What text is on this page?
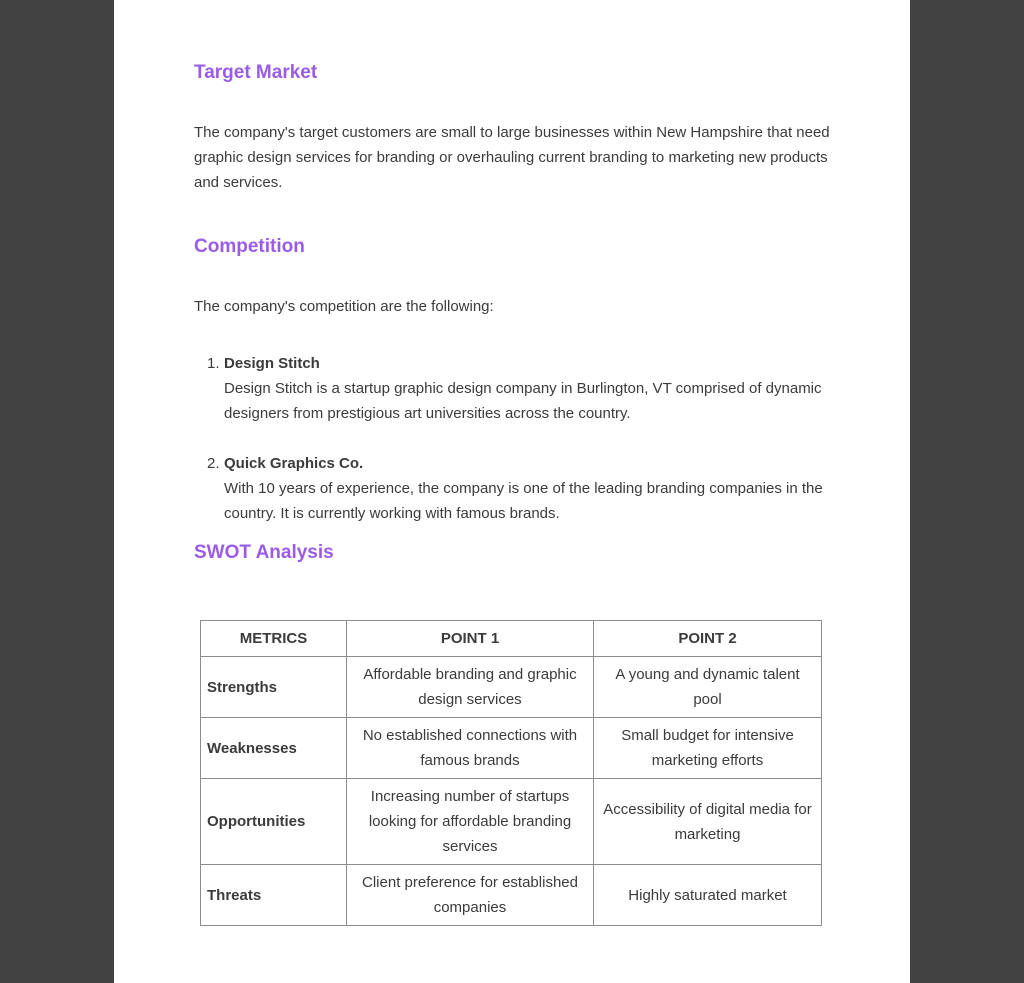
Target Market

The company's target customers are small to large businesses within New Hampshire that need graphic design services for branding or overhauling current branding to marketing new products and services.

Competition

The company's competition are the following:

1. Design Stitch
Design Stitch is a startup graphic design company in Burlington, VT comprised of dynamic designers from prestigious art universities across the country.
2. Quick Graphics Co.
With 10 years of experience, the company is one of the leading branding companies in the country. It is currently working with famous brands.
SWOT Analysis
METRICS	POINT 1	POINT 2
Strengths	Affordable branding and graphic design services	A young and dynamic talent pool
Weaknesses	No established connections with famous brands	Small budget for intensive marketing efforts
Opportunities	Increasing number of startups looking for affordable branding services	Accessibility of digital media for marketing
Threats	Client preference for established companies	Highly saturated market
